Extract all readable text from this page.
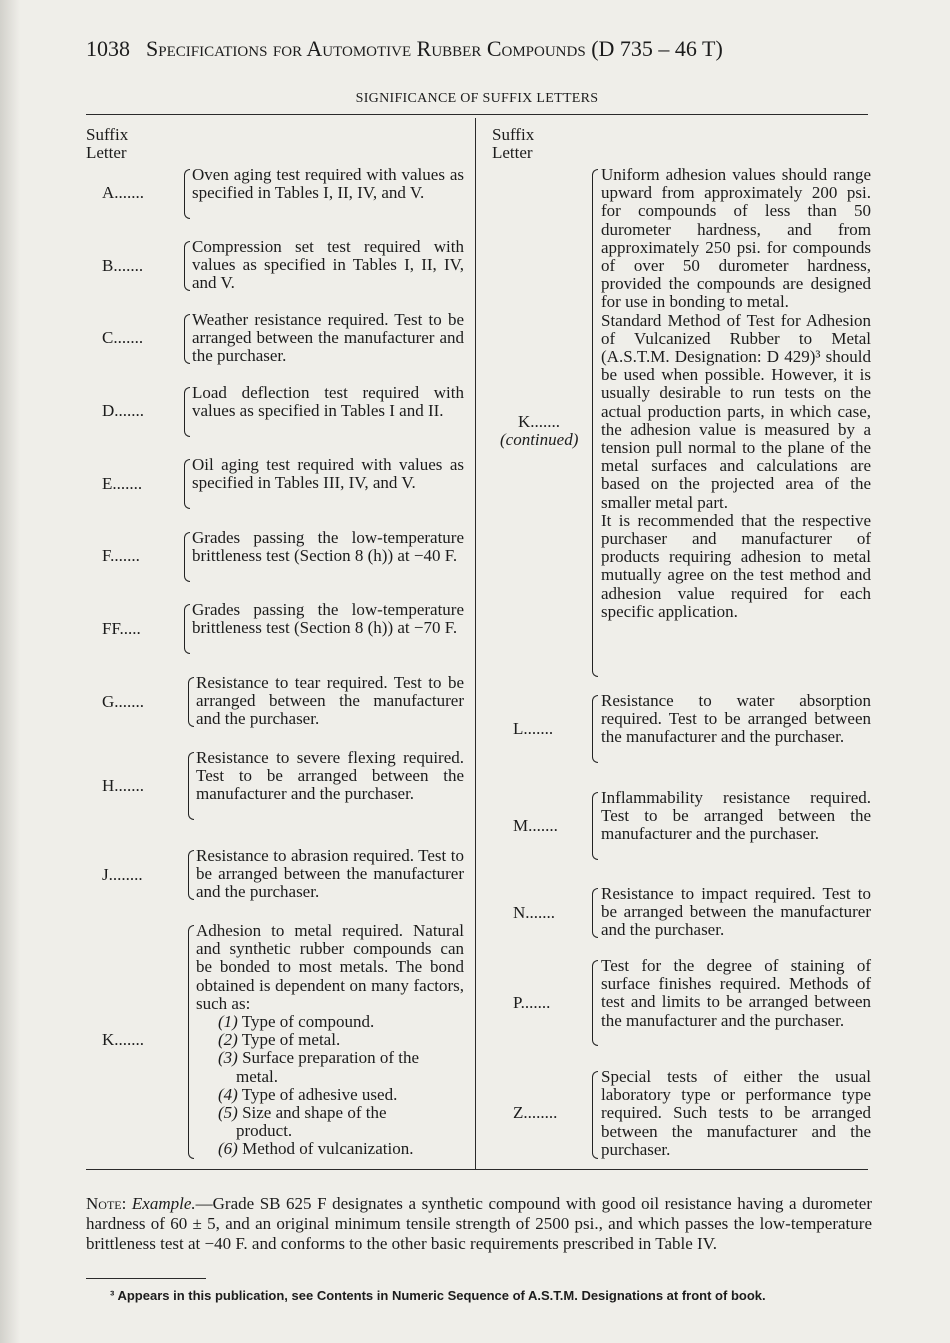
1038 Specifications for Automotive Rubber Compounds (D 735 – 46 T)
SIGNIFICANCE OF SUFFIX LETTERS
Suffix
Letter
Suffix
Letter
A.......
Oven aging test required with values as specified in Tables I, II, IV, and V.
B.......
Compression set test required with values as specified in Tables I, II, IV, and V.
C.......
Weather resistance required. Test to be arranged between the manufacturer and the purchaser.
D.......
Load deflection test required with values as specified in Tables I and II.
E.......
Oil aging test required with values as specified in Tables III, IV, and V.
F.......
Grades passing the low-temperature brittleness test (Section 8 (h)) at −40 F.
FF.....
Grades passing the low-temperature brittleness test (Section 8 (h)) at −70 F.
G.......
Resistance to tear required. Test to be arranged between the manufacturer and the purchaser.
H.......
Resistance to severe flexing required. Test to be arranged between the manufacturer and the purchaser.
J........
Resistance to abrasion required. Test to be arranged between the manufacturer and the purchaser.
K.......

Adhesion to metal required. Natural and synthetic rubber compounds can be bonded to most metals. The bond obtained is dependent on many factors, such as:

(1) Type of compound.
(2) Type of metal.
(3) Surface preparation of the
metal.
(4) Type of adhesive used.
(5) Size and shape of the
product.
(6) Method of vulcanization.
K.......
(continued)

Uniform adhesion values should range upward from approximately 200 psi. for compounds of less than 50 durometer hardness, and from approximately 250 psi. for compounds of over 50 durometer hardness, provided the compounds are designed for use in bonding to metal.

Standard Method of Test for Adhesion of Vulcanized Rubber to Metal (A.S.T.M. Designation: D 429)³ should be used when possible. However, it is usually desirable to run tests on the actual production parts, in which case, the adhesion value is measured by a tension pull normal to the plane of the metal surfaces and calculations are based on the projected area of the smaller metal part.

It is recommended that the respective purchaser and manufacturer of products requiring adhesion to metal mutually agree on the test method and adhesion value required for each specific application.

L.......
Resistance to water absorption required. Test to be arranged between the manufacturer and the purchaser.
M.......
Inflammability resistance required. Test to be arranged between the manufacturer and the purchaser.
N.......
Resistance to impact required. Test to be arranged between the manufacturer and the purchaser.
P.......
Test for the degree of staining of surface finishes required. Methods of test and limits to be arranged between the manufacturer and the purchaser.
Z........
Special tests of either the usual laboratory type or performance type required. Such tests to be arranged between the manufacturer and the purchaser.
Note: Example.—Grade SB 625 F designates a synthetic compound with good oil resistance having a durometer hardness of 60 ± 5, and an original minimum tensile strength of 2500 psi., and which passes the low-temperature brittleness test at −40 F. and conforms to the other basic requirements prescribed in Table IV.
³ Appears in this publication, see Contents in Numeric Sequence of A.S.T.M. Designations at front of book.
